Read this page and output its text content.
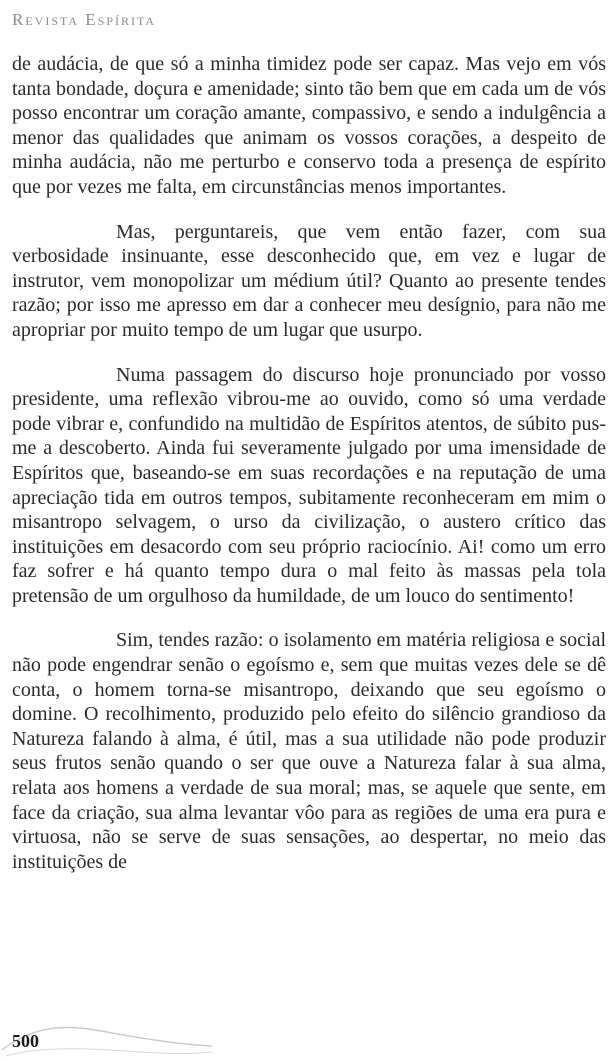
Revista Espírita

de audácia, de que só a minha timidez pode ser capaz. Mas vejo em vós tanta bondade, doçura e amenidade; sinto tão bem que em cada um de vós posso encontrar um coração amante, compassivo, e sendo a indulgência a menor das qualidades que animam os vossos corações, a despeito de minha audácia, não me perturbo e conservo toda a presença de espírito que por vezes me falta, em circunstâncias menos importantes.

Mas, perguntareis, que vem então fazer, com sua verbosidade insinuante, esse desconhecido que, em vez e lugar de instrutor, vem monopolizar um médium útil? Quanto ao presente tendes razão; por isso me apresso em dar a conhecer meu desígnio, para não me apropriar por muito tempo de um lugar que usurpo.

Numa passagem do discurso hoje pronunciado por vosso presidente, uma reflexão vibrou-me ao ouvido, como só uma verdade pode vibrar e, confundido na multidão de Espíritos atentos, de súbito pus-me a descoberto. Ainda fui severamente julgado por uma imensidade de Espíritos que, baseando-se em suas recordações e na reputação de uma apreciação tida em outros tempos, subitamente reconheceram em mim o misantropo selvagem, o urso da civilização, o austero crítico das instituições em desacordo com seu próprio raciocínio. Ai! como um erro faz sofrer e há quanto tempo dura o mal feito às massas pela tola pretensão de um orgulhoso da humildade, de um louco do sentimento!

Sim, tendes razão: o isolamento em matéria religiosa e social não pode engendrar senão o egoísmo e, sem que muitas vezes dele se dê conta, o homem torna-se misantropo, deixando que seu egoísmo o domine. O recolhimento, produzido pelo efeito do silêncio grandioso da Natureza falando à alma, é útil, mas a sua utilidade não pode produzir seus frutos senão quando o ser que ouve a Natureza falar à sua alma, relata aos homens a verdade de sua moral; mas, se aquele que sente, em face da criação, sua alma levantar vôo para as regiões de uma era pura e virtuosa, não se serve de suas sensações, ao despertar, no meio das instituições de

500
